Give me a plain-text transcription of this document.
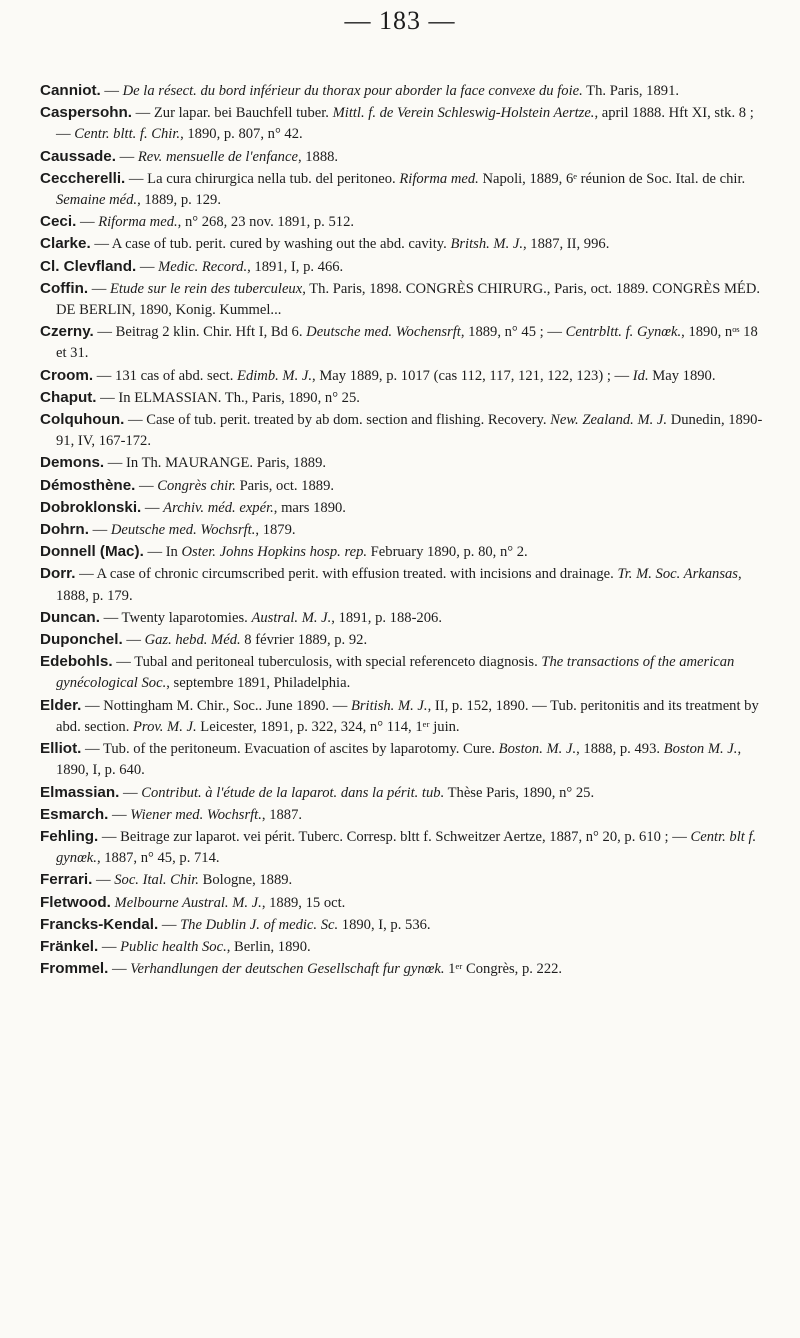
— 183 —

Canniot. — De la résect. du bord inférieur du thorax pour aborder la face convexe du foie. Th. Paris, 1891.

Caspersohn. — Zur lapar. bei Bauchfell tuber. Mittl. f. de Verein Schleswig-Holstein Aertze., april 1888. Hft XI, stk. 8 ; — Centr. bltt. f. Chir., 1890, p. 807, n° 42.

Caussade. — Rev. mensuelle de l'enfance, 1888.

Ceccherelli. — La cura chirurgica nella tub. del peritoneo. Riforma med. Napoli, 1889, 6ᵉ réunion de Soc. Ital. de chir. Semaine méd., 1889, p. 129.

Ceci. — Riforma med., n° 268, 23 nov. 1891, p. 512.

Clarke. — A case of tub. perit. cured by washing out the abd. cavity. Britsh. M. J., 1887, II, 996.

Cl. Clevfland. — Medic. Record., 1891, I, p. 466.

Coffin. — Etude sur le rein des tuberculeux, Th. Paris, 1898. CONGRÈS CHIRURG., Paris, oct. 1889. CONGRÈS MÉD. DE BERLIN, 1890, Konig. Kummel...

Czerny. — Beitrag 2 klin. Chir. Hft I, Bd 6. Deutsche med. Wochensrft, 1889, n° 45 ; — Centrbltt. f. Gynœk., 1890, nᵒˢ 18 et 31.

Croom. — 131 cas of abd. sect. Edimb. M. J., May 1889, p. 1017 (cas 112, 117, 121, 122, 123) ; — Id. May 1890.

Chaput. — In ELMASSIAN. Th., Paris, 1890, n° 25.

Colquhoun. — Case of tub. perit. treated by ab dom. section and flishing. Recovery. New. Zealand. M. J. Dunedin, 1890-91, IV, 167-172.

Demons. — In Th. MAURANGE. Paris, 1889.

Démosthène. — Congrès chir. Paris, oct. 1889.

Dobroklonski. — Archiv. méd. expér., mars 1890.

Dohrn. — Deutsche med. Wochsrft., 1879.

Donnell (Mac). — In Oster. Johns Hopkins hosp. rep. February 1890, p. 80, n° 2.

Dorr. — A case of chronic circumscribed perit. with effusion treated. with incisions and drainage. Tr. M. Soc. Arkansas, 1888, p. 179.

Duncan. — Twenty laparotomies. Austral. M. J., 1891, p. 188-206.

Duponchel. — Gaz. hebd. Méd. 8 février 1889, p. 92.

Edebohls. — Tubal and peritoneal tuberculosis, with special referenceto diagnosis. The transactions of the american gynécological Soc., septembre 1891, Philadelphia.

Elder. — Nottingham M. Chir., Soc.. June 1890. — British. M. J., II, p. 152, 1890. — Tub. peritonitis and its treatment by abd. section. Prov. M. J. Leicester, 1891, p. 322, 324, n° 114, 1ᵉʳ juin.

Elliot. — Tub. of the peritoneum. Evacuation of ascites by laparotomy. Cure. Boston. M. J., 1888, p. 493. Boston M. J., 1890, I, p. 640.

Elmassian. — Contribut. à l'étude de la laparot. dans la périt. tub. Thèse Paris, 1890, n° 25.

Esmarch. — Wiener med. Wochsrft., 1887.

Fehling. — Beitrage zur laparot. vei périt. Tuberc. Corresp. bltt f. Schweitzer Aertze, 1887, n° 20, p. 610 ; — Centr. blt f. gynœk., 1887, n° 45, p. 714.

Ferrari. — Soc. Ital. Chir. Bologne, 1889.

Fletwood. Melbourne Austral. M. J., 1889, 15 oct.

Francks-Kendal. — The Dublin J. of medic. Sc. 1890, I, p. 536.

Fränkel. — Public health Soc., Berlin, 1890.

Frommel. — Verhandlungen der deutschen Gesellschaft fur gynœk. 1ᵉʳ Congrès, p. 222.
